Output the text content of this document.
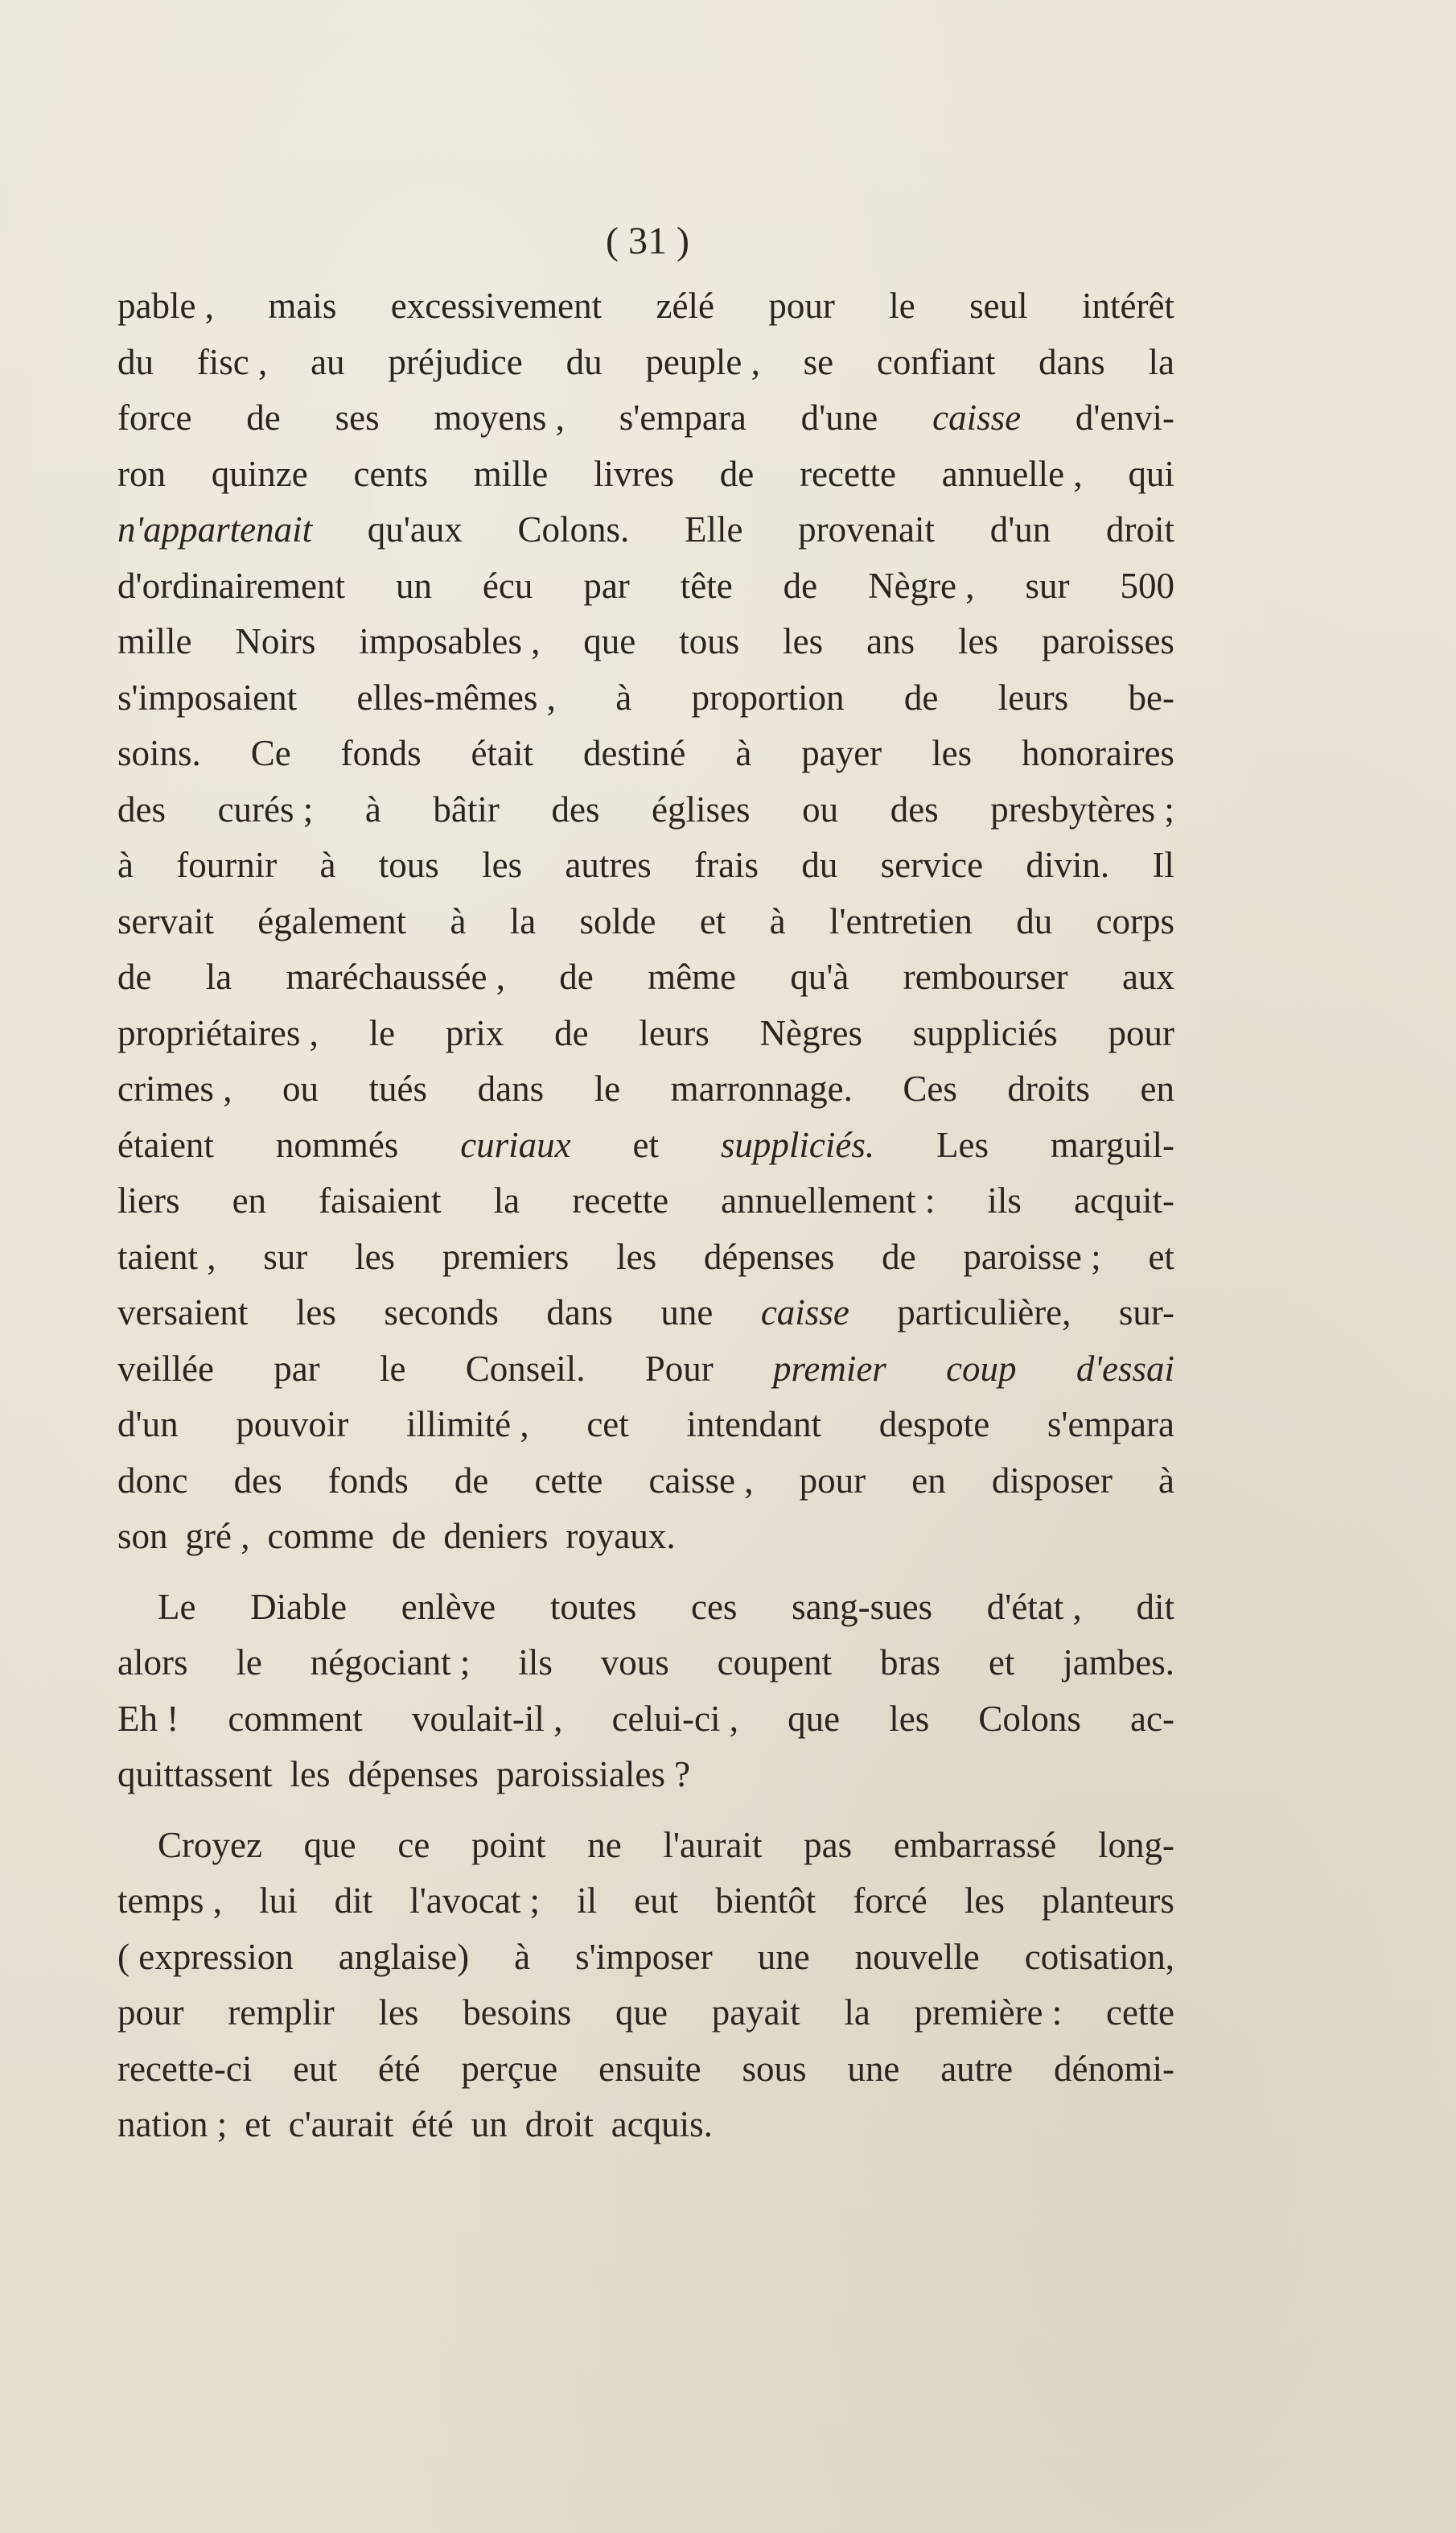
( 31 )
pable , mais excessivement zélé pour le seul intérêt
du fisc , au préjudice du peuple , se confiant dans la
force de ses moyens , s'empara d'une caisse d'envi-
ron quinze cents mille livres de recette annuelle , qui
n'appartenait qu'aux Colons. Elle provenait d'un droit
d'ordinairement un écu par tête de Nègre , sur 500
mille Noirs imposables , que tous les ans les paroisses
s'imposaient elles-mêmes , à proportion de leurs be-
soins. Ce fonds était destiné à payer les honoraires
des curés ; à bâtir des églises ou des presbytères ;
à fournir à tous les autres frais du service divin. Il
servait également à la solde et à l'entretien du corps
de la maréchaussée , de même qu'à rembourser aux
propriétaires , le prix de leurs Nègres suppliciés pour
crimes , ou tués dans le marronnage. Ces droits en
étaient nommés curiaux et suppliciés. Les marguil-
liers en faisaient la recette annuellement : ils acquit-
taient , sur les premiers les dépenses de paroisse ; et
versaient les seconds dans une caisse particulière, sur-
veillée par le Conseil. Pour premier coup d'essai
d'un pouvoir illimité , cet intendant despote s'empara
donc des fonds de cette caisse , pour en disposer à
son gré , comme de deniers royaux.
Le Diable enlève toutes ces sang-sues d'état , dit
alors le négociant ; ils vous coupent bras et jambes.
Eh ! comment voulait-il , celui-ci , que les Colons ac-
quittassent les dépenses paroissiales ?
Croyez que ce point ne l'aurait pas embarrassé long-
temps , lui dit l'avocat ; il eut bientôt forcé les planteurs
( expression anglaise) à s'imposer une nouvelle cotisation,
pour remplir les besoins que payait la première : cette
recette-ci eut été perçue ensuite sous une autre dénomi-
nation ; et c'aurait été un droit acquis.
